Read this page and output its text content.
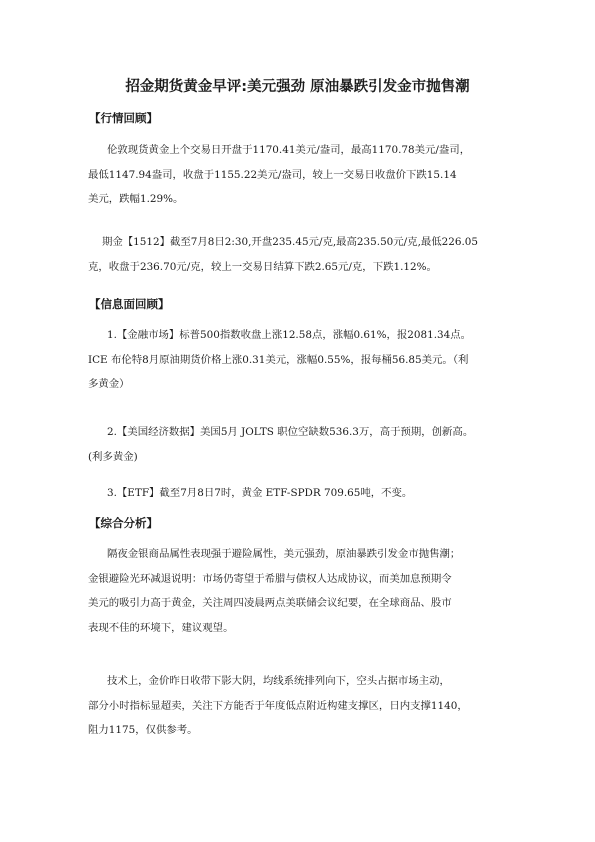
招金期货黄金早评:美元强劲 原油暴跌引发金市抛售潮
【行情回顾】
伦敦现货黄金上个交易日开盘于1170.41美元/盎司，最高1170.78美元/盎司，
最低1147.94盎司，收盘于1155.22美元/盎司，较上一交易日收盘价下跌15.14
美元，跌幅1.29%。
期金【1512】截至7月8日2:30,开盘235.45元/克,最高235.50元/克,最低226.05
克，收盘于236.70元/克，较上一交易日结算下跌2.65元/克，下跌1.12%。
【信息面回顾】
1.【金融市场】标普500指数收盘上涨12.58点，涨幅0.61%，报2081.34点。
ICE 布伦特8月原油期货价格上涨0.31美元，涨幅0.55%，报每桶56.85美元。（利
多黄金）
2.【美国经济数据】美国5月 JOLTS 职位空缺数536.3万，高于预期，创新高。
(利多黄金)
3.【ETF】截至7月8日7时，黄金 ETF-SPDR 709.65吨，不变。
【综合分析】
隔夜金银商品属性表现强于避险属性，美元强劲，原油暴跌引发金市抛售潮；
金银避险光环减退说明：市场仍寄望于希腊与债权人达成协议，而美加息预期令
美元的吸引力高于黄金，关注周四凌晨两点美联储会议纪要，在全球商品、股市
表现不佳的环境下，建议观望。
技术上，金价昨日收带下影大阴，均线系统排列向下，空头占据市场主动，
部分小时指标显超卖，关注下方能否于年度低点附近构建支撑区，日内支撑1140，
阻力1175，仅供参考。
